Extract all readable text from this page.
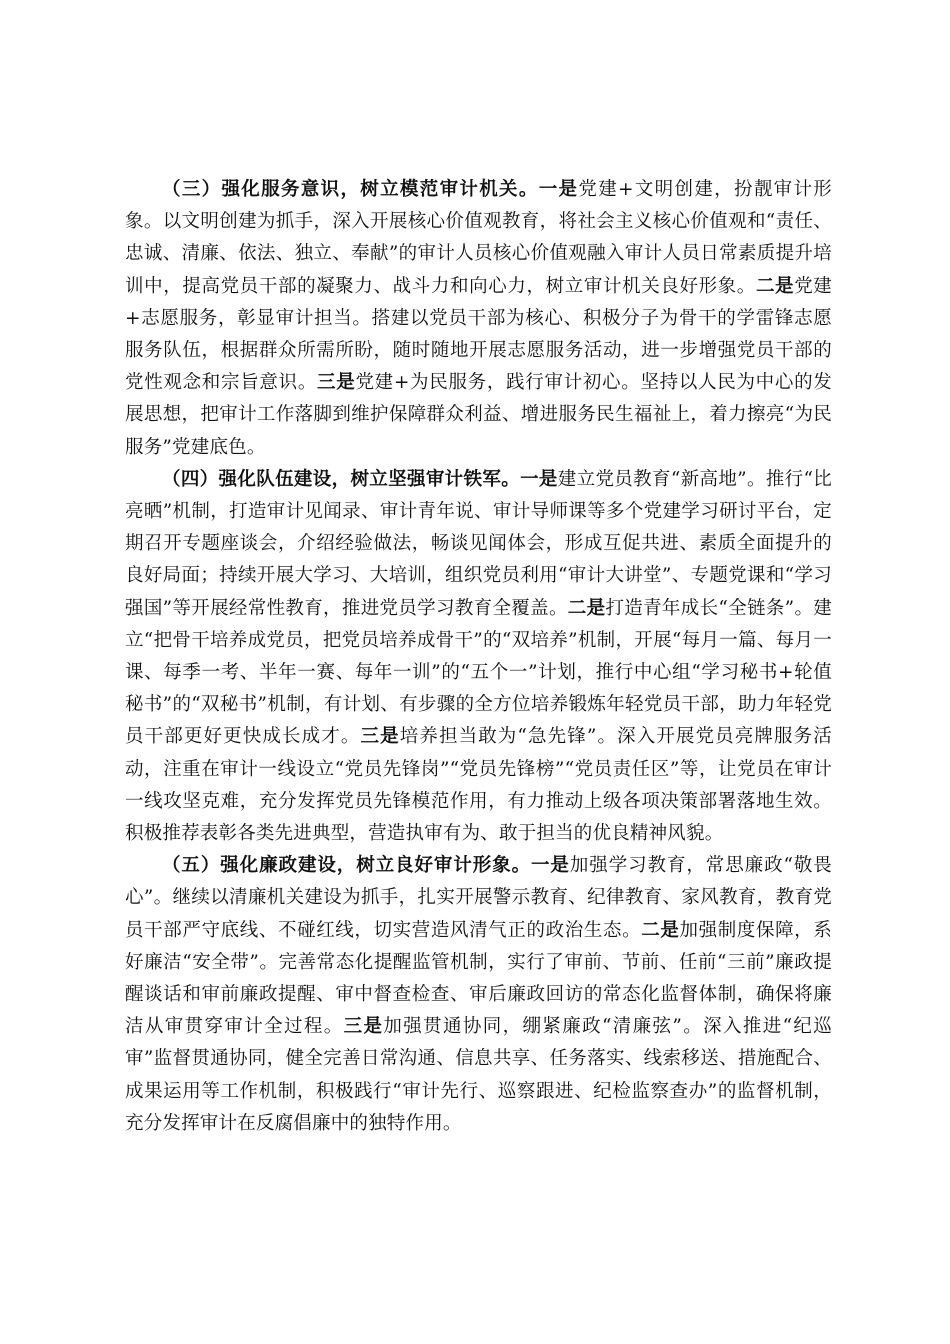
（三）强化服务意识，树立模范审计机关。一是党建+文明创建，扮靓审计形象。以文明创建为抓手，深入开展核心价值观教育，将社会主义核心价值观和“责任、忠诚、清廉、依法、独立、奉献”的审计人员核心价值观融入审计人员日常素质提升培训中，提高党员干部的凝聚力、战斗力和向心力，树立审计机关良好形象。二是党建+志愿服务，彰显审计担当。搭建以党员干部为核心、积极分子为骨干的学雷锋志愿服务队伍，根据群众所需所盼，随时随地开展志愿服务活动，进一步增强党员干部的党性观念和宗旨意识。三是党建+为民服务，践行审计初心。坚持以人民为中心的发展思想，把审计工作落脚到维护保障群众利益、增进服务民生福祉上，着力擦亮“为民服务”党建底色。

（四）强化队伍建设，树立坚强审计铁军。一是建立党员教育“新高地”。推行“比亮晒”机制，打造审计见闻录、审计青年说、审计导师课等多个党建学习研讨平台，定期召开专题座谈会，介绍经验做法，畅谈见闻体会，形成互促共进、素质全面提升的良好局面；持续开展大学习、大培训，组织党员利用“审计大讲堂”、专题党课和“学习强国”等开展经常性教育，推进党员学习教育全覆盖。二是打造青年成长“全链条”。建立“把骨干培养成党员，把党员培养成骨干”的“双培养”机制，开展“每月一篇、每月一课、每季一考、半年一赛、每年一训”的“五个一”计划，推行中心组“学习秘书+轮值秘书”的“双秘书”机制，有计划、有步骤的全方位培养锻炼年轻党员干部，助力年轻党员干部更好更快成长成才。三是培养担当敢为“急先锋”。深入开展党员亮牌服务活动，注重在审计一线设立“党员先锋岗”“党员先锋榜”“党员责任区”等，让党员在审计一线攻坚克难，充分发挥党员先锋模范作用，有力推动上级各项决策部署落地生效。积极推荐表彰各类先进典型，营造执审有为、敢于担当的优良精神风貌。

（五）强化廉政建设，树立良好审计形象。一是加强学习教育，常思廉政“敬畏心”。继续以清廉机关建设为抓手，扎实开展警示教育、纪律教育、家风教育，教育党员干部严守底线、不碰红线，切实营造风清气正的政治生态。二是加强制度保障，系好廉洁“安全带”。完善常态化提醒监管机制，实行了审前、节前、任前“三前”廉政提醒谈话和审前廉政提醒、审中督查检查、审后廉政回访的常态化监督体制，确保将廉洁从审贯穿审计全过程。三是加强贯通协同，绷紧廉政“清廉弦”。深入推进“纪巡审”监督贯通协同，健全完善日常沟通、信息共享、任务落实、线索移送、措施配合、成果运用等工作机制，积极践行“审计先行、巡察跟进、纪检监察查办”的监督机制，充分发挥审计在反腐倡廉中的独特作用。
